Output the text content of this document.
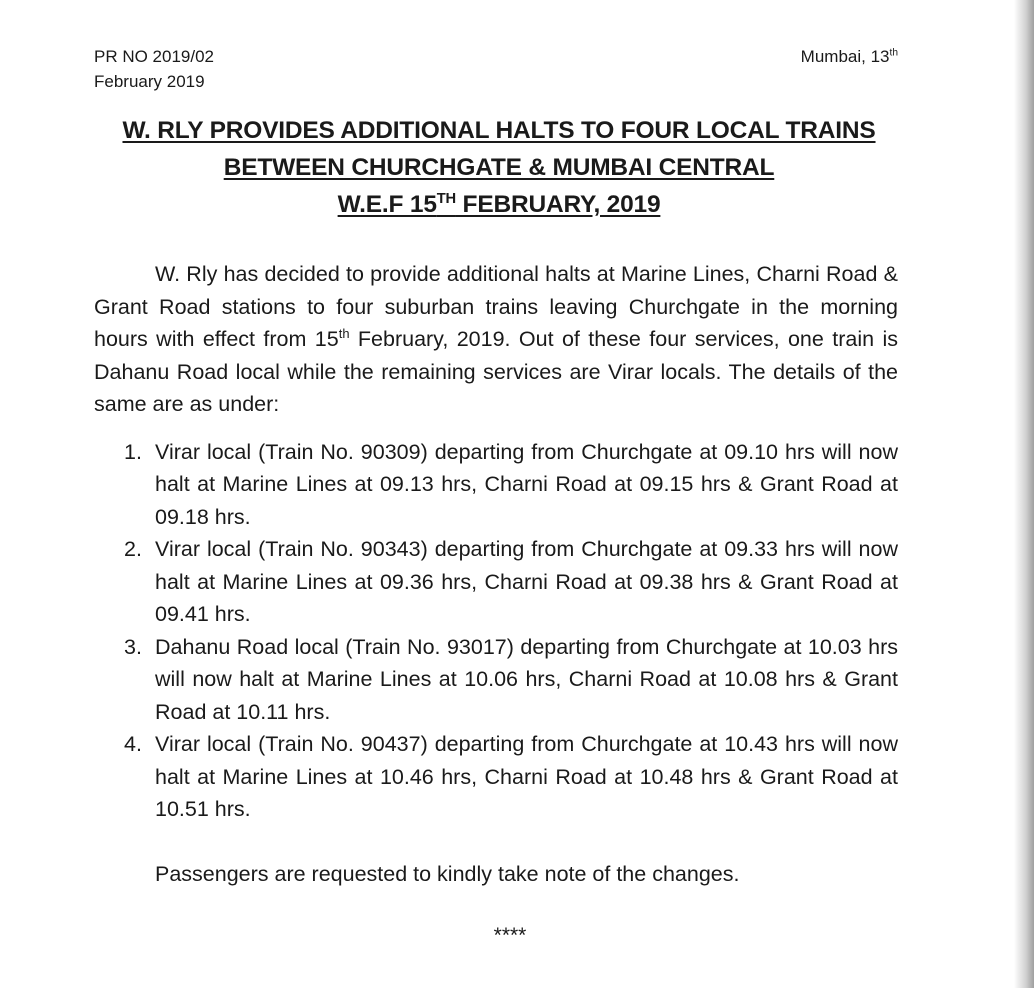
PR NO 2019/02
February 2019
Mumbai, 13th
W. RLY PROVIDES ADDITIONAL HALTS TO FOUR LOCAL TRAINS
BETWEEN CHURCHGATE & MUMBAI CENTRAL
W.E.F 15TH FEBRUARY, 2019

W. Rly has decided to provide additional halts at Marine Lines, Charni Road & Grant Road stations to four suburban trains leaving Churchgate in the morning hours with effect from 15th February, 2019. Out of these four services, one train is Dahanu Road local while the remaining services are Virar locals. The details of the same are as under:

1. Virar local (Train No. 90309) departing from Churchgate at 09.10 hrs will now halt at Marine Lines at 09.13 hrs, Charni Road at 09.15 hrs & Grant Road at 09.18 hrs.
2. Virar local (Train No. 90343) departing from Churchgate at 09.33 hrs will now halt at Marine Lines at 09.36 hrs, Charni Road at 09.38 hrs & Grant Road at 09.41 hrs.
3. Dahanu Road local (Train No. 93017) departing from Churchgate at 10.03 hrs will now halt at Marine Lines at 10.06 hrs, Charni Road at 10.08 hrs & Grant Road at 10.11 hrs.
4. Virar local (Train No. 90437) departing from Churchgate at 10.43 hrs will now halt at Marine Lines at 10.46 hrs, Charni Road at 10.48 hrs & Grant Road at 10.51 hrs.

Passengers are requested to kindly take note of the changes.

****
